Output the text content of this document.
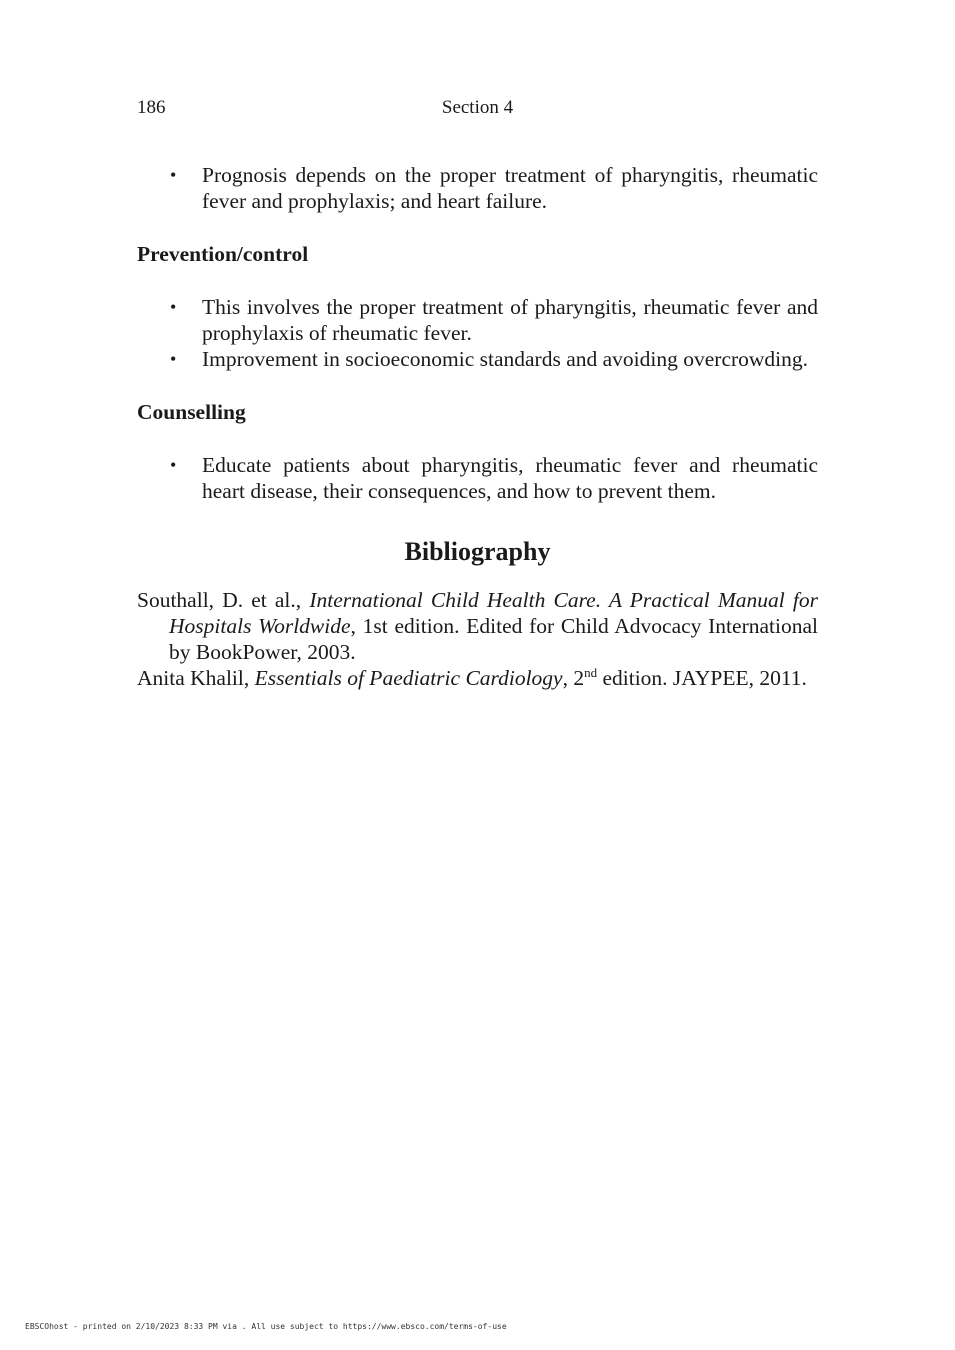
186	Section 4
• Prognosis depends on the proper treatment of pharyngitis, rheumatic fever and prophylaxis; and heart failure.
Prevention/control
• This involves the proper treatment of pharyngitis, rheumatic fever and prophylaxis of rheumatic fever.
• Improvement in socioeconomic standards and avoiding overcrowding.
Counselling
• Educate patients about pharyngitis, rheumatic fever and rheumatic heart disease, their consequences, and how to prevent them.
Bibliography
Southall, D. et al., International Child Health Care. A Practical Manual for Hospitals Worldwide, 1st edition. Edited for Child Advocacy International by BookPower, 2003.
Anita Khalil, Essentials of Paediatric Cardiology, 2nd edition. JAYPEE, 2011.
EBSCOhost - printed on 2/10/2023 8:33 PM via . All use subject to https://www.ebsco.com/terms-of-use
